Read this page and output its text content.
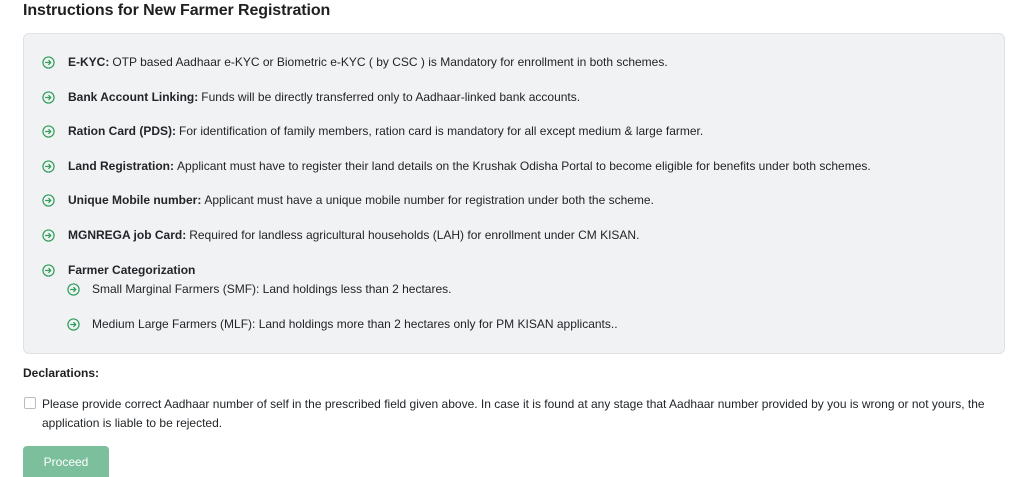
Instructions for New Farmer Registration
E-KYC: OTP based Aadhaar e-KYC or Biometric e-KYC ( by CSC ) is Mandatory for enrollment in both schemes.
Bank Account Linking: Funds will be directly transferred only to Aadhaar-linked bank accounts.
Ration Card (PDS): For identification of family members, ration card is mandatory for all except medium & large farmer.
Land Registration: Applicant must have to register their land details on the Krushak Odisha Portal to become eligible for benefits under both schemes.
Unique Mobile number: Applicant must have a unique mobile number for registration under both the scheme.
MGNREGA job Card: Required for landless agricultural households (LAH) for enrollment under CM KISAN.
Farmer Categorization
Small Marginal Farmers (SMF): Land holdings less than 2 hectares.
Medium Large Farmers (MLF): Land holdings more than 2 hectares only for PM KISAN applicants..
Declarations:
Please provide correct Aadhaar number of self in the prescribed field given above. In case it is found at any stage that Aadhaar number provided by you is wrong or not yours, the application is liable to be rejected.
Proceed
